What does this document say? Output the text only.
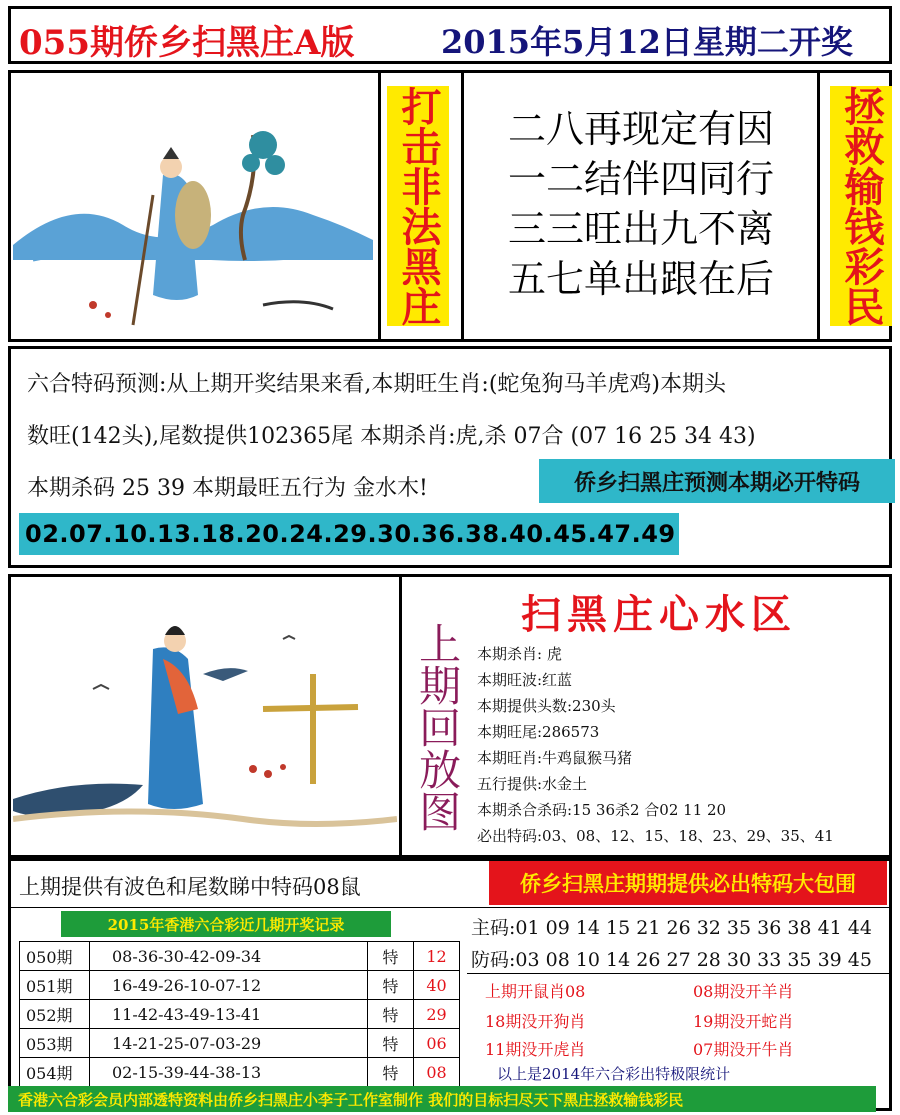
055期侨乡扫黑庄A版	2015年5月12日星期二开奖
打击非法黑庄	拯救输钱彩民
二八再现定有因
一二结伴四同行
三三旺出九不离
五七单出跟在后
六合特码预测:从上期开奖结果来看,本期旺生肖:(蛇兔狗马羊虎鸡)本期头
数旺(142头),尾数提供102365尾 本期杀肖:虎,杀 07合 (07 16 25 34 43)
本期杀码 25 39 本期最旺五行为 金水木!	侨乡扫黑庄预测本期必开特码
02.07.10.13.18.20.24.29.30.36.38.40.45.47.49
上期回放图
扫黑庄心水区
本期杀肖: 虎
本期旺波:红蓝
本期提供头数:230头
本期旺尾:286573
本期旺肖:牛鸡鼠猴马猪
五行提供:水金土
本期杀合杀码:15 36杀2 合02 11 20
必出特码:03、08、12、15、18、23、29、35、41
上期提供有波色和尾数睇中特码08鼠	侨乡扫黑庄期期提供必出特码大包围
2015年香港六合彩近几期开奖记录	主码:01 09 14 15 21 26 32 35 36 38 41 44
防码:03 08 10 14 26 27 28 30 33 35 39 45
050期	08-36-30-42-09-34	特	12
051期	16-49-26-10-07-12	特	40
052期	11-42-43-49-13-41	特	29
053期	14-21-25-07-03-29	特	06
054期	02-15-39-44-38-13	特	08
上期开鼠肖08	08期没开羊肖
18期没开狗肖	19期没开蛇肖
11期没开虎肖	07期没开牛肖
以上是2014年六合彩出特极限统计
香港六合彩会员内部透特资料由侨乡扫黑庄小李子工作室制作 我们的目标扫尽天下黑庄拯救输钱彩民
